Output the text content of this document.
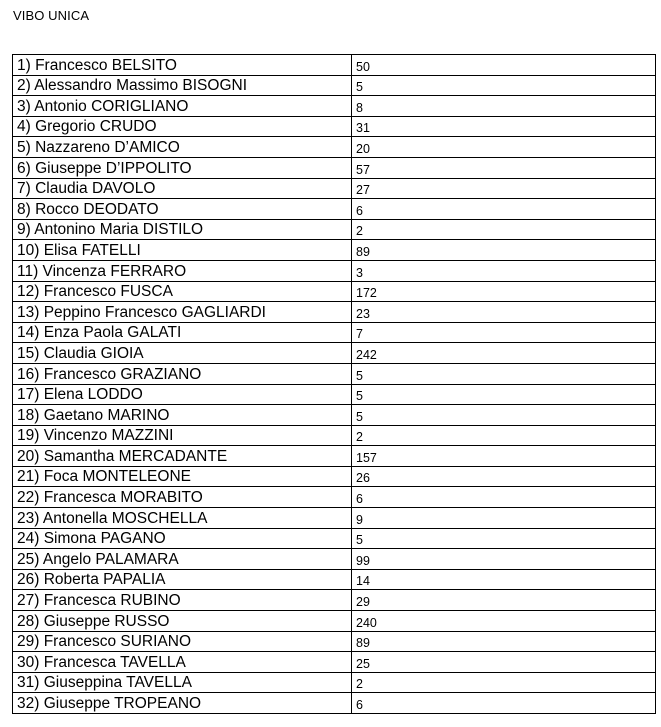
VIBO UNICA
1) Francesco BELSITO	50
2) Alessandro Massimo BISOGNI	5
3) Antonio CORIGLIANO	8
4) Gregorio CRUDO	31
5) Nazzareno D’AMICO	20
6) Giuseppe D’IPPOLITO	57
7) Claudia DAVOLO	27
8) Rocco DEODATO	6
9) Antonino Maria DISTILO	2
10) Elisa FATELLI	89
11) Vincenza FERRARO	3
12) Francesco FUSCA	172
13) Peppino Francesco GAGLIARDI	23
14) Enza Paola GALATI	7
15) Claudia GIOIA	242
16) Francesco GRAZIANO	5
17) Elena LODDO	5
18) Gaetano MARINO	5
19) Vincenzo MAZZINI	2
20) Samantha MERCADANTE	157
21) Foca MONTELEONE	26
22) Francesca MORABITO	6
23) Antonella MOSCHELLA	9
24) Simona PAGANO	5
25) Angelo PALAMARA	99
26) Roberta PAPALIA	14
27) Francesca RUBINO	29
28) Giuseppe RUSSO	240
29) Francesco SURIANO	89
30) Francesca TAVELLA	25
31) Giuseppina TAVELLA	2
32) Giuseppe TROPEANO	6
